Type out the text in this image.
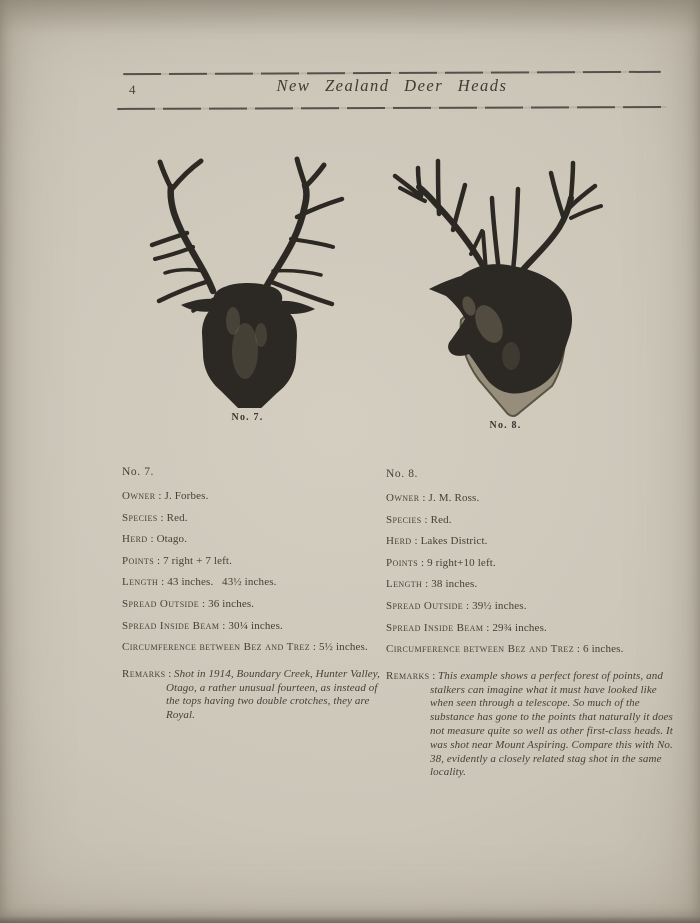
4	New Zealand Deer Heads
No. 7.
No. 8.
No. 7.
Owner : J. Forbes.
Species : Red.
Herd : Otago.
Points : 7 right + 7 left.
Length : 43 inches.   43½ inches.
Spread Outside : 36 inches.
Spread Inside Beam : 30¼ inches.
Circumference between Bez and Trez : 5½ inches.
Remarks : Shot in 1914, Boundary Creek, Hunter Valley, Otago, a rather unusual fourteen, as instead of the tops having two double crotches, they are Royal.
No. 8.
Owner : J. M. Ross.
Species : Red.
Herd : Lakes District.
Points : 9 right+10 left.
Length : 38 inches.
Spread Outside : 39½ inches.
Spread Inside Beam : 29¾ inches.
Circumference between Bez and Trez : 6 inches.
Remarks : This example shows a perfect forest of points, and stalkers can imagine what it must have looked like when seen through a telescope. So much of the substance has gone to the points that naturally it does not measure quite so well as other first-class heads. It was shot near Mount Aspiring. Compare this with No. 38, evidently a closely related stag shot in the same locality.
